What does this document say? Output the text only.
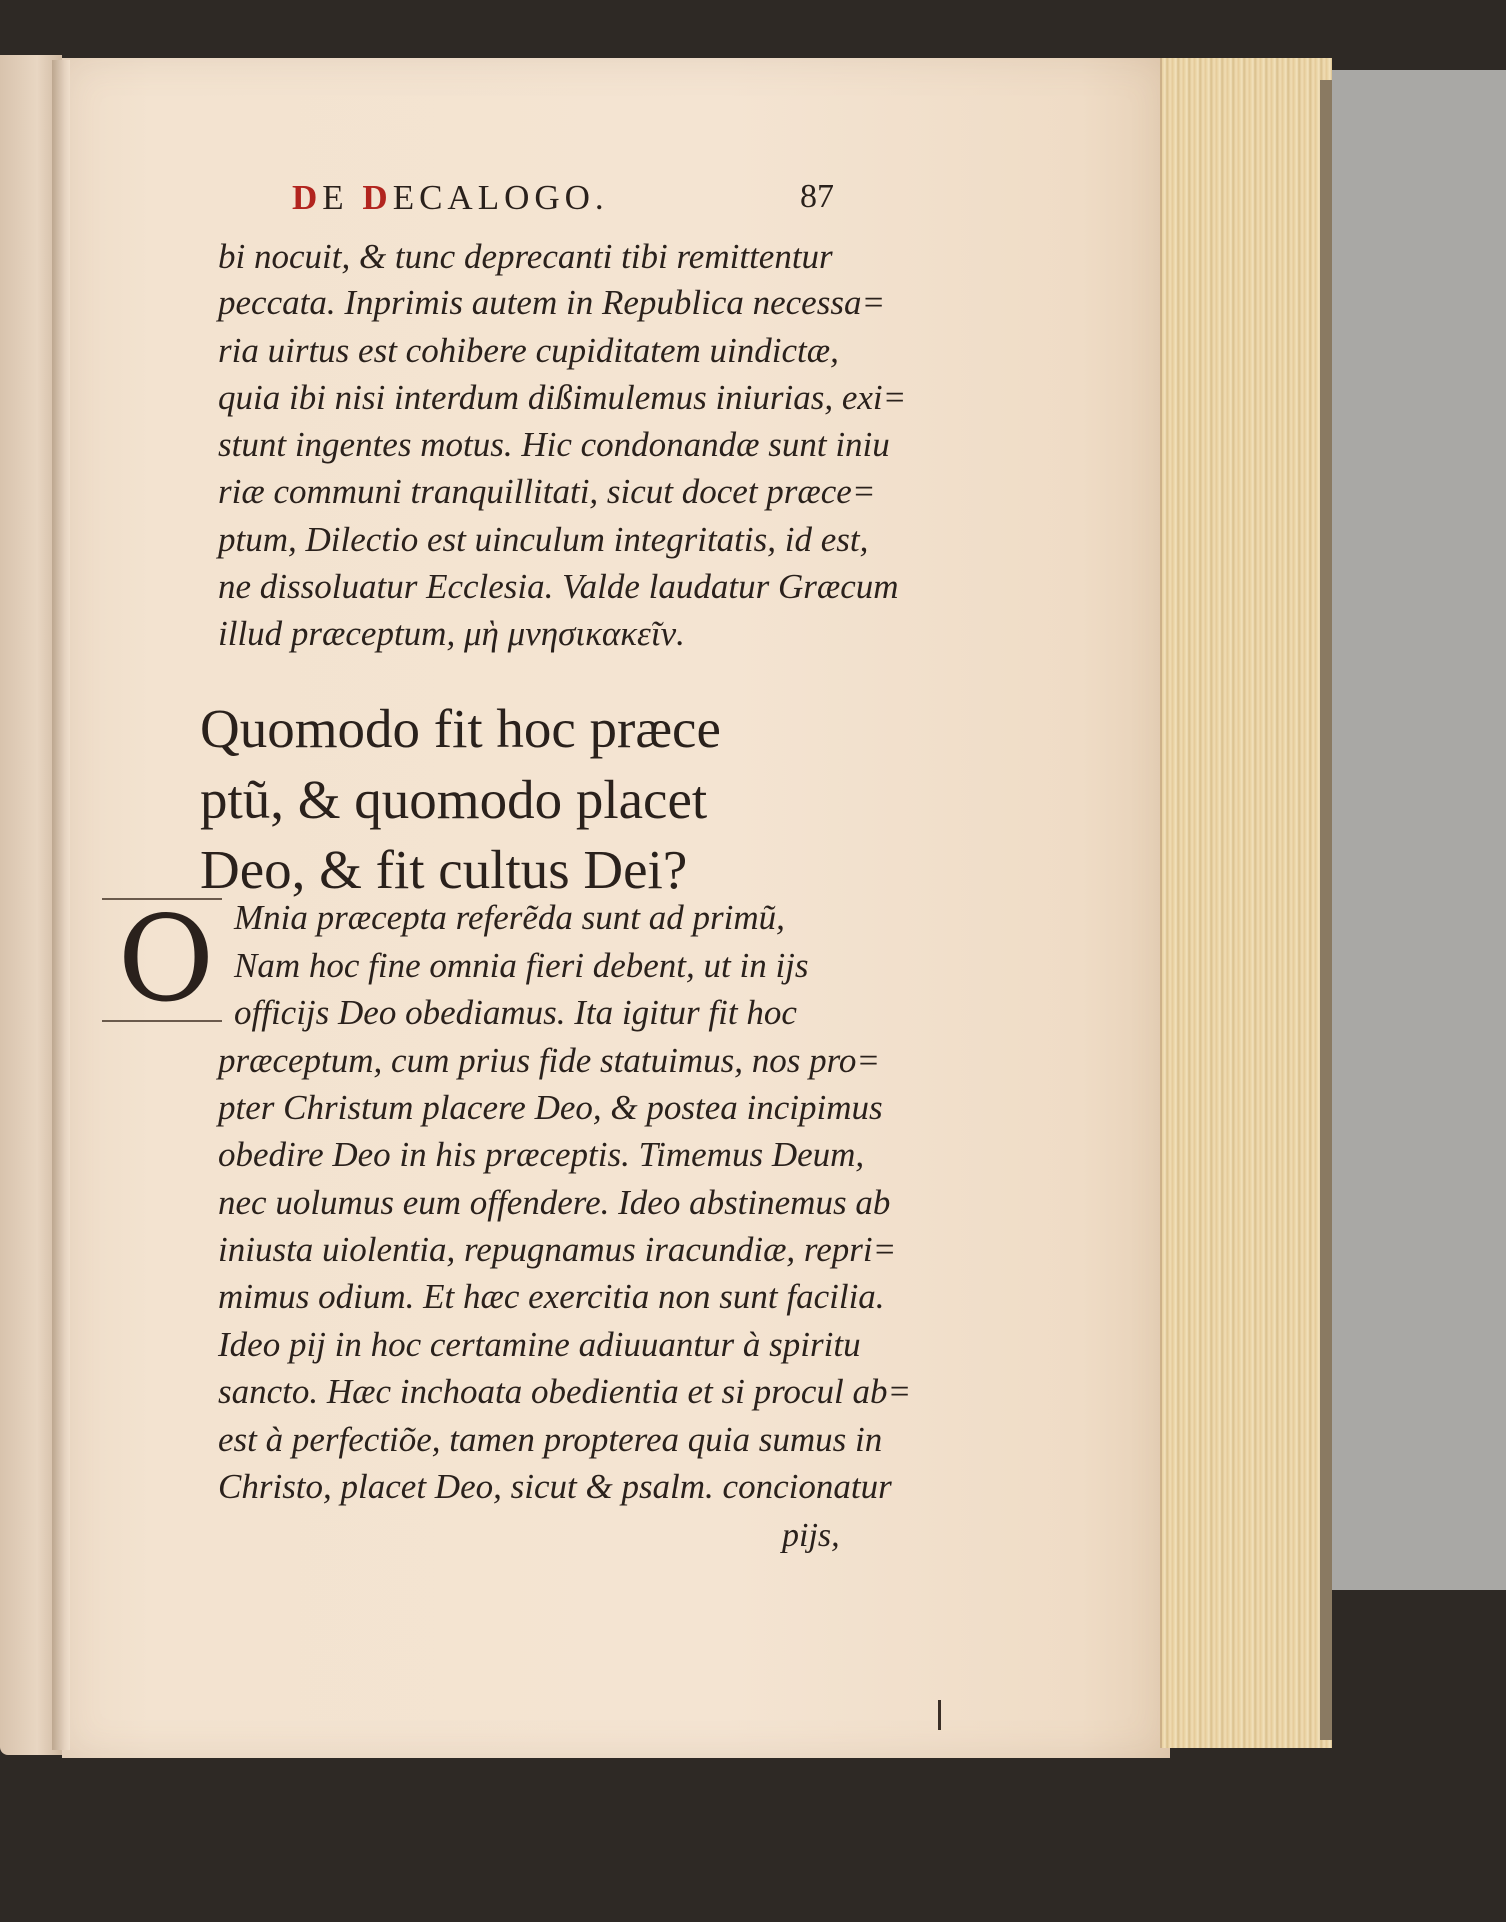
DE DECALOGO.	87
bi nocuit, & tunc deprecanti tibi remittentur
peccata. Inprimis autem in Republica necessa=
ria uirtus est cohibere cupiditatem uindictæ,
quia ibi nisi interdum dißimulemus iniurias, exi=
stunt ingentes motus. Hic condonandæ sunt iniu
riæ communi tranquillitati, sicut docet præce=
ptum, Dilectio est uinculum integritatis, id est,
ne dissoluatur Ecclesia. Valde laudatur Græcum
illud præceptum, μὴ μνησικακεῖν.
Quomodo fit hoc præce
ptũ, & quomodo placet
Deo, & fit cultus Dei?
O Mnia præcepta referẽda sunt ad primũ,
Nam hoc fine omnia fieri debent, ut in ijs
officijs Deo obediamus. Ita igitur fit hoc
præceptum, cum prius fide statuimus, nos pro=
pter Christum placere Deo, & postea incipimus
obedire Deo in his præceptis. Timemus Deum,
nec uolumus eum offendere. Ideo abstinemus ab
iniusta uiolentia, repugnamus iracundiæ, repri=
mimus odium. Et hæc exercitia non sunt facilia.
Ideo pij in hoc certamine adiuuantur à spiritu
sancto. Hæc inchoata obedientia et si procul ab=
est à perfectiõe, tamen propterea quia sumus in
Christo, placet Deo, sicut & psalm. concionatur
pijs,
